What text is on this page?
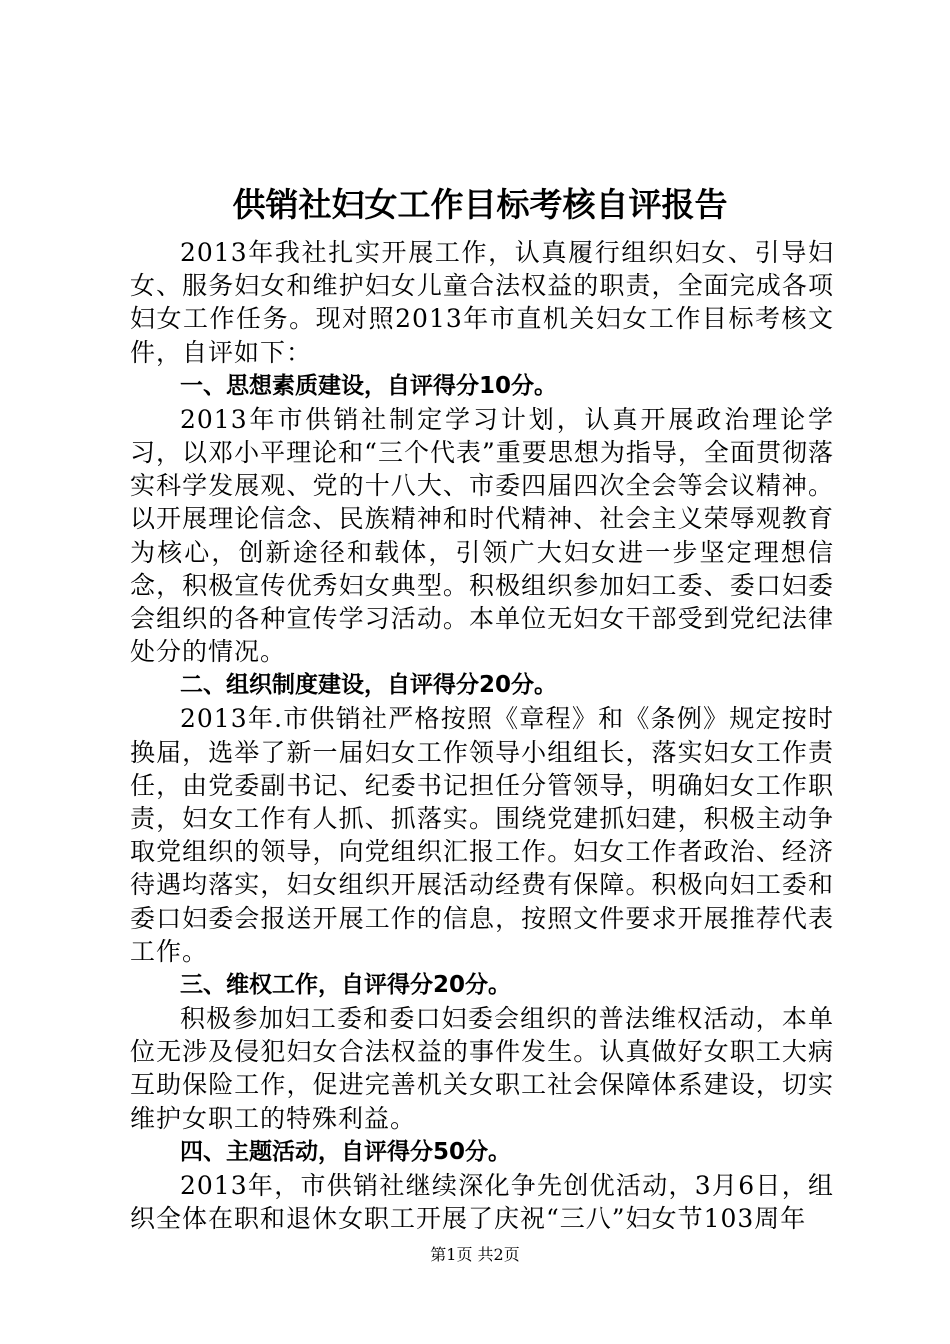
供销社妇女工作目标考核自评报告

2013年我社扎实开展工作，认真履行组织妇女、引导妇女、服务妇女和维护妇女儿童合法权益的职责，全面完成各项妇女工作任务。现对照2013年市直机关妇女工作目标考核文件，自评如下：

一、思想素质建设，自评得分10分。

2013年市供销社制定学习计划，认真开展政治理论学习，以邓小平理论和“三个代表”重要思想为指导，全面贯彻落实科学发展观、党的十八大、市委四届四次全会等会议精神。以开展理论信念、民族精神和时代精神、社会主义荣辱观教育为核心，创新途径和载体，引领广大妇女进一步坚定理想信念，积极宣传优秀妇女典型。积极组织参加妇工委、委口妇委会组织的各种宣传学习活动。本单位无妇女干部受到党纪法律处分的情况。

二、组织制度建设，自评得分20分。

2013年.市供销社严格按照《章程》和《条例》规定按时换届，选举了新一届妇女工作领导小组组长，落实妇女工作责任，由党委副书记、纪委书记担任分管领导，明确妇女工作职责，妇女工作有人抓、抓落实。围绕党建抓妇建，积极主动争取党组织的领导，向党组织汇报工作。妇女工作者政治、经济待遇均落实，妇女组织开展活动经费有保障。积极向妇工委和委口妇委会报送开展工作的信息，按照文件要求开展推荐代表工作。

三、维权工作，自评得分20分。

积极参加妇工委和委口妇委会组织的普法维权活动，本单位无涉及侵犯妇女合法权益的事件发生。认真做好女职工大病互助保险工作，促进完善机关女职工社会保障体系建设，切实维护女职工的特殊利益。

四、主题活动，自评得分50分。

2013年，市供销社继续深化争先创优活动，3月6日，组织全体在职和退休女职工开展了庆祝“三八”妇女节103周年

第1页 共2页
